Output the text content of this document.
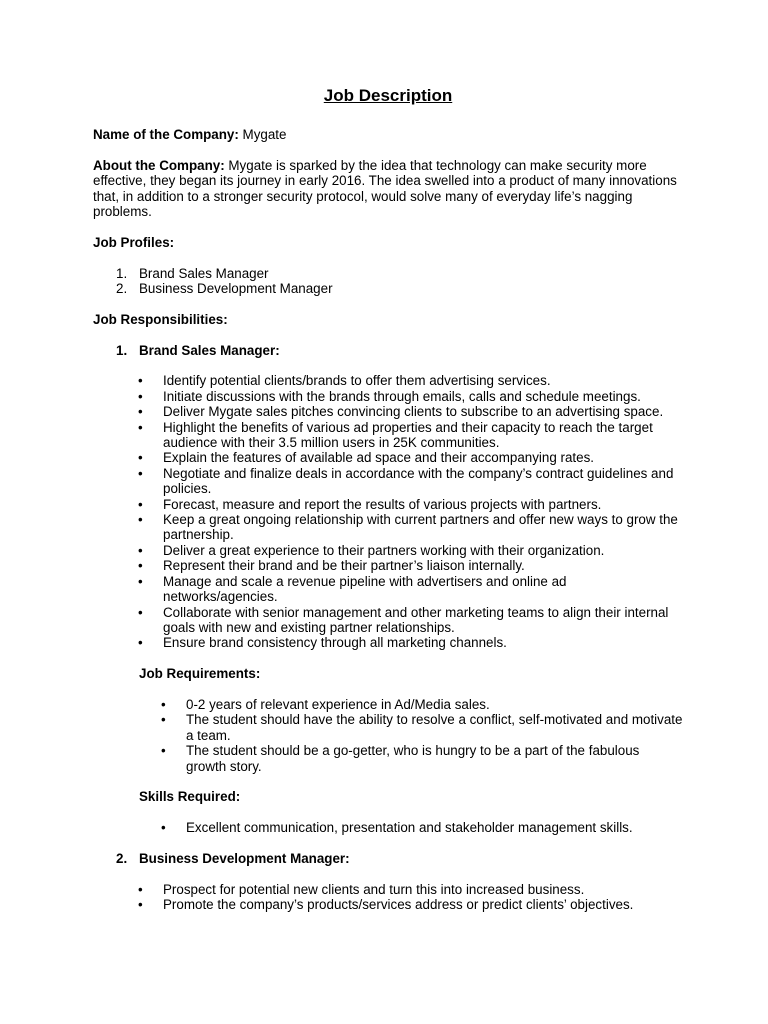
Job Description

Name of the Company: Mygate

About the Company: Mygate is sparked by the idea that technology can make security more effective, they began its journey in early 2016. The idea swelled into a product of many innovations that, in addition to a stronger security protocol, would solve many of everyday life’s nagging problems.

Job Profiles:

1. Brand Sales Manager
2. Business Development Manager

Job Responsibilities:

1. Brand Sales Manager:
• Identify potential clients/brands to offer them advertising services.
• Initiate discussions with the brands through emails, calls and schedule meetings.
• Deliver Mygate sales pitches convincing clients to subscribe to an advertising space.
• Highlight the benefits of various ad properties and their capacity to reach the target audience with their 3.5 million users in 25K communities.
• Explain the features of available ad space and their accompanying rates.
• Negotiate and finalize deals in accordance with the company’s contract guidelines and policies.
• Forecast, measure and report the results of various projects with partners.
• Keep a great ongoing relationship with current partners and offer new ways to grow the partnership.
• Deliver a great experience to their partners working with their organization.
• Represent their brand and be their partner’s liaison internally.
• Manage and scale a revenue pipeline with advertisers and online ad networks/agencies.
• Collaborate with senior management and other marketing teams to align their internal goals with new and existing partner relationships.
• Ensure brand consistency through all marketing channels.

Job Requirements:

• 0-2 years of relevant experience in Ad/Media sales.
• The student should have the ability to resolve a conflict, self-motivated and motivate a team.
• The student should be a go-getter, who is hungry to be a part of the fabulous growth story.

Skills Required:

• Excellent communication, presentation and stakeholder management skills.
2. Business Development Manager:
• Prospect for potential new clients and turn this into increased business.
• Promote the company’s products/services address or predict clients’ objectives.
